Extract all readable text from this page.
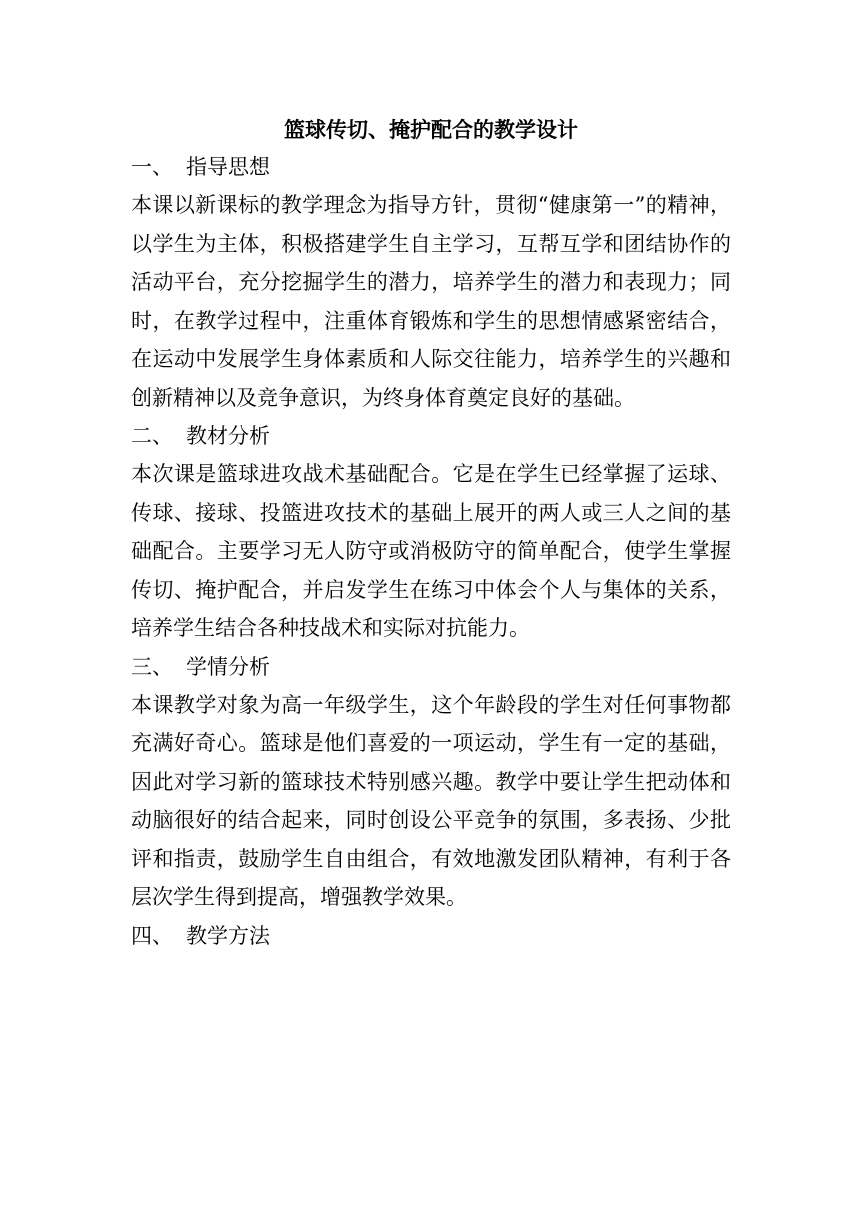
篮球传切、掩护配合的教学设计
一、 指导思想
本课以新课标的教学理念为指导方针，贯彻“健康第一”的精神，
以学生为主体，积极搭建学生自主学习，互帮互学和团结协作的
活动平台，充分挖掘学生的潜力，培养学生的潜力和表现力；同
时，在教学过程中，注重体育锻炼和学生的思想情感紧密结合，
在运动中发展学生身体素质和人际交往能力，培养学生的兴趣和
创新精神以及竞争意识，为终身体育奠定良好的基础。
二、 教材分析
本次课是篮球进攻战术基础配合。它是在学生已经掌握了运球、
传球、接球、投篮进攻技术的基础上展开的两人或三人之间的基
础配合。主要学习无人防守或消极防守的简单配合，使学生掌握
传切、掩护配合，并启发学生在练习中体会个人与集体的关系，
培养学生结合各种技战术和实际对抗能力。
三、 学情分析
本课教学对象为高一年级学生，这个年龄段的学生对任何事物都
充满好奇心。篮球是他们喜爱的一项运动，学生有一定的基础，
因此对学习新的篮球技术特别感兴趣。教学中要让学生把动体和
动脑很好的结合起来，同时创设公平竞争的氛围，多表扬、少批
评和指责，鼓励学生自由组合，有效地激发团队精神，有利于各
层次学生得到提高，增强教学效果。
四、 教学方法
